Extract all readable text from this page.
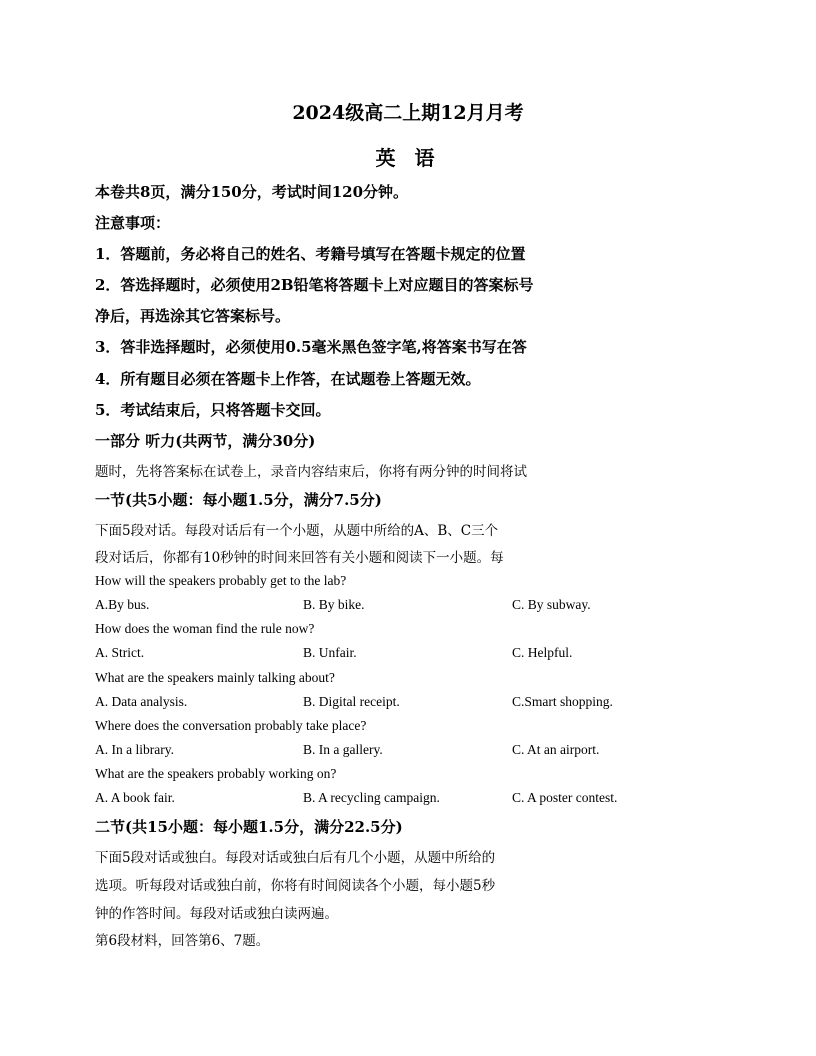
2024级高二上期12月月考
英 语
本卷共8页，满分150分，考试时间120分钟。
注意事项：
1．答题前，务必将自己的姓名、考籍号填写在答题卡规定的位置
2．答选择题时，必须使用2B铅笔将答题卡上对应题目的答案标号
净后，再选涂其它答案标号。
3．答非选择题时，必须使用0.5毫米黑色签字笔,将答案书写在答
4．所有题目必须在答题卡上作答，在试题卷上答题无效。
5．考试结束后，只将答题卡交回。
一部分 听力(共两节，满分30分)
题时，先将答案标在试卷上，录音内容结束后，你将有两分钟的时间将试
一节(共5小题：每小题1.5分，满分7.5分)
下面5段对话。每段对话后有一个小题，从题中所给的A、B、C三个
段对话后，你都有10秒钟的时间来回答有关小题和阅读下一小题。每
How will the speakers probably get to the lab?
A.By bus.	B. By bike.	C. By subway.
How does the woman find the rule now?
A. Strict.	B. Unfair.	C. Helpful.
What are the speakers mainly talking about?
A. Data analysis.	B. Digital receipt.	C.Smart shopping.
Where does the conversation probably take place?
A. In a library.	B. In a gallery.	C. At an airport.
What are the speakers probably working on?
A. A book fair.	B. A recycling campaign.	C. A poster contest.
二节(共15小题：每小题1.5分，满分22.5分)
下面5段对话或独白。每段对话或独白后有几个小题，从题中所给的
选项。听每段对话或独白前，你将有时间阅读各个小题，每小题5秒
钟的作答时间。每段对话或独白读两遍。
第6段材料，回答第6、7题。
